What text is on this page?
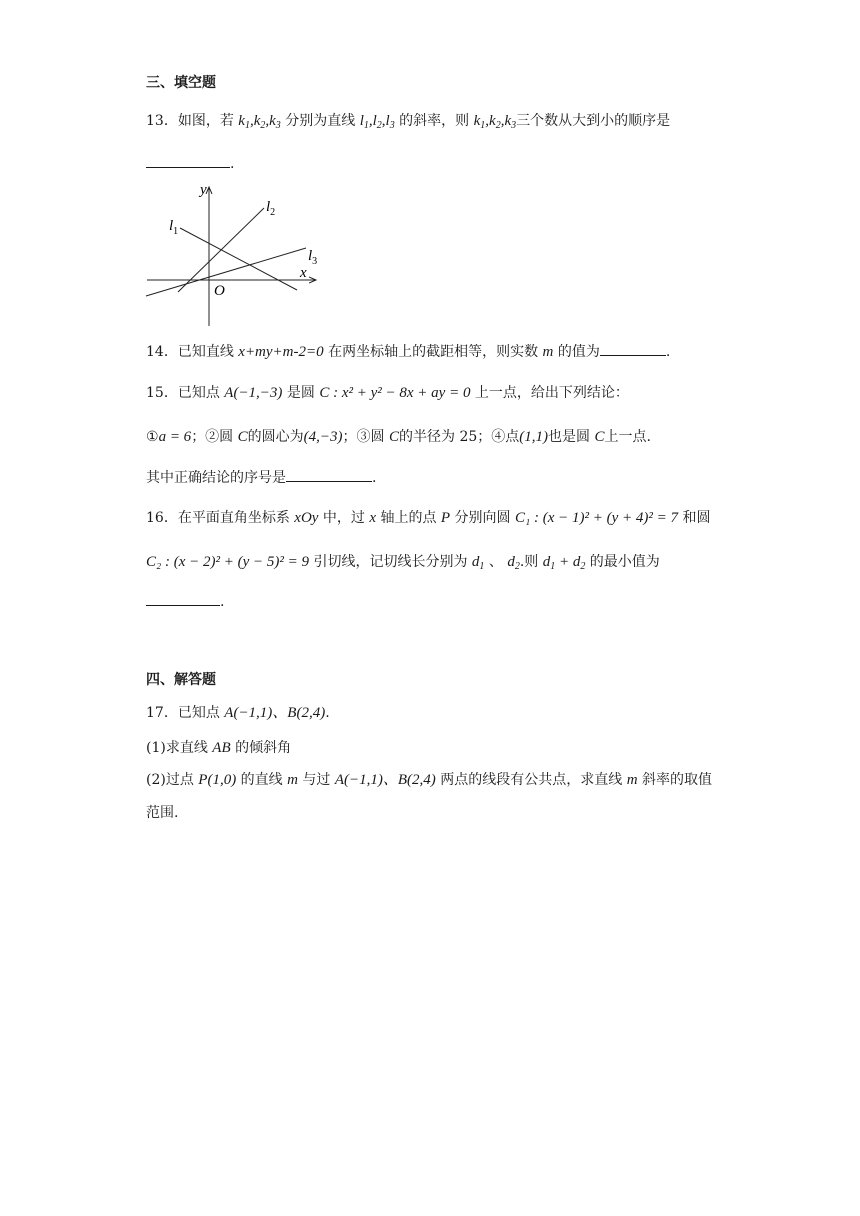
三、填空题
13．如图，若 $k_1,k_2,k_3$ 分别为直线 $l_1,l_2,l_3$ 的斜率，则 $k_1,k_2,k_3$三个数从大到小的顺序是
.
y
x
O
$l_1$
$l_2$
$l_3$
14．已知直线 x+my+m-2=0 在两坐标轴上的截距相等，则实数 m 的值为	.
15．已知点 A(−1,−3) 是圆 C : x² + y² − 8x + ay = 0 上一点，给出下列结论：
①a = 6；②圆 C的圆心为(4,−3)；③圆 C的半径为 25；④点(1,1)也是圆 C上一点.
其中正确结论的序号是	.
16．在平面直角坐标系 xOy 中，过 x 轴上的点 P 分别向圆 C₁ : (x − 1)² + (y + 4)² = 7 和圆
C₂ : (x − 2)² + (y − 5)² = 9 引切线，记切线长分别为 $d_1$ 、 $d_2$.则 $d_1 + d_2$ 的最小值为
.
四、解答题
17．已知点 A(−1,1)、B(2,4).
(1)求直线 AB 的倾斜角
(2)过点 P(1,0) 的直线 m 与过 A(−1,1)、B(2,4) 两点的线段有公共点，求直线 m 斜率的取值
范围.
